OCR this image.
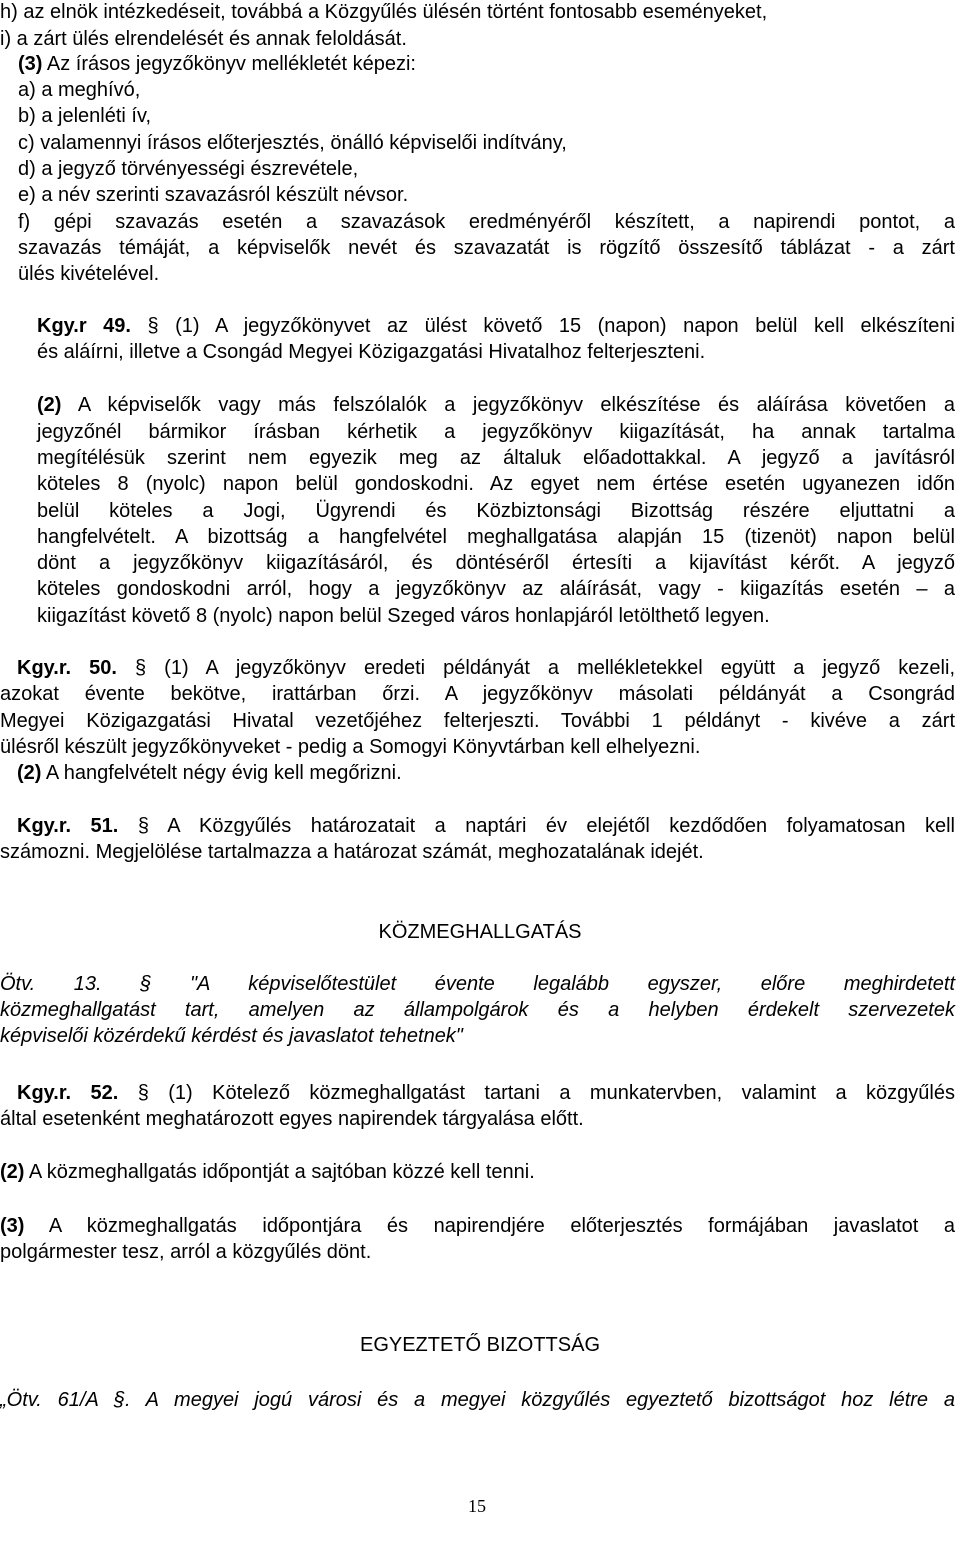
h) az elnök intézkedéseit, továbbá a Közgyűlés ülésén történt fontosabb eseményeket,
i) a zárt ülés elrendelését és annak feloldását.
(3) Az írásos jegyzőkönyv mellékletét képezi:
a) a meghívó,
b) a jelenléti ív,
c) valamennyi írásos előterjesztés, önálló képviselői indítvány,
d) a jegyző törvényességi észrevétele,
e) a név szerinti szavazásról készült névsor.
f) gépi szavazás esetén a szavazások eredményéről készített, a napirendi pontot, a
szavazás témáját, a képviselők nevét és szavazatát is rögzítő összesítő táblázat - a zárt
ülés kivételével.
Kgy.r 49. § (1) A jegyzőkönyvet az ülést követő 15 (napon) napon belül kell elkészíteni
és aláírni, illetve a Csongád Megyei Közigazgatási Hivatalhoz felterjeszteni.
(2) A képviselők vagy más felszólalók a jegyzőkönyv elkészítése és aláírása követően a
jegyzőnél bármikor írásban kérhetik a jegyzőkönyv kiigazítását, ha annak tartalma
megítélésük szerint nem egyezik meg az általuk előadottakkal. A jegyző a javításról
köteles 8 (nyolc) napon belül gondoskodni. Az egyet nem értése esetén ugyanezen időn
belül köteles a Jogi, Ügyrendi és Közbiztonsági Bizottság részére eljuttatni a
hangfelvételt. A bizottság a hangfelvétel meghallgatása alapján 15 (tizenöt) napon belül
dönt a jegyzőkönyv kiigazításáról, és döntéséről értesíti a kijavítást kérőt. A jegyző
köteles gondoskodni arról, hogy a jegyzőkönyv az aláírását, vagy - kiigazítás esetén – a
kiigazítást követő 8 (nyolc) napon belül Szeged város honlapjáról letölthető legyen.
Kgy.r. 50. § (1) A jegyzőkönyv eredeti példányát a mellékletekkel együtt a jegyző kezeli,
azokat évente bekötve, irattárban őrzi. A jegyzőkönyv másolati példányát a Csongrád
Megyei Közigazgatási Hivatal vezetőjéhez felterjeszti. További 1 példányt - kivéve a zárt
ülésről készült jegyzőkönyveket - pedig a Somogyi Könyvtárban kell elhelyezni.
(2) A hangfelvételt négy évig kell megőrizni.
Kgy.r. 51. § A Közgyűlés határozatait a naptári év elejétől kezdődően folyamatosan kell
számozni. Megjelölése tartalmazza a határozat számát, meghozatalának idejét.
KÖZMEGHALLGATÁS
Ötv. 13. § "A képviselőtestület évente legalább egyszer, előre meghirdetett
közmeghallgatást tart, amelyen az állampolgárok és a helyben érdekelt szervezetek
képviselői közérdekű kérdést és javaslatot tehetnek"
Kgy.r. 52. § (1) Kötelező közmeghallgatást tartani a munkatervben, valamint a közgyűlés
által esetenként meghatározott egyes napirendek tárgyalása előtt.
(2) A közmeghallgatás időpontját a sajtóban közzé kell tenni.
(3) A közmeghallgatás időpontjára és napirendjére előterjesztés formájában javaslatot a
polgármester tesz, arról a közgyűlés dönt.
EGYEZTETŐ BIZOTTSÁG
„Ötv. 61/A §. A megyei jogú városi és a megyei közgyűlés egyeztető bizottságot hoz létre a
15
